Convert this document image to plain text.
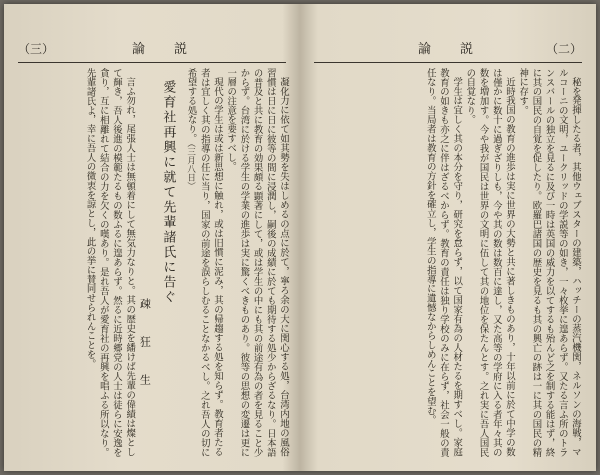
（三）	論　説

凝化力に依て如其勢を失はしめるの点に於て，寧ろ余の大に関心する処，台湾内地の風俗習慣は日に日に彼等の間に浸潤し，嗣後の成績に於ても期待する処少からざるなり。日本語の普及と共に教育の効果頗る顕著にして，或は学生の中にも其の前途有為の者を見ること少からず。台湾に於ける学生の学業の進歩は実に驚くべきものあり。彼等の思想の変遷は更に一層の注意を要すべし。

現代の学生は或は新思想に触れ，或は旧慣に泥み，其の帰趨する処を知らず。教育者たる者は宜しく其の指導の任に当り，国家の前途を誤らしむることなかるべし。之れ吾人の切に希望する処なり。（三月八日）

愛育社再興に就て先輩諸氏に告ぐ
疎　狂　生

言ふ勿れ，尾張人士は無頓着にして無気力なりと。其の歴史を繙けば先輩の偉績は燦として輝き，吾人後進の模範たるもの数ふるに遑あらず。然るに近時郷党の人士は徒らに安逸を貪り，互に相離れて結合の力を欠くの嘆あり。是れ吾人が愛育社の再興を唱ふる所以なり。先輩諸氏よ，幸に吾人の微衷を諒とし，此の挙に賛同せられんことを。

論　説	（二）

秘を発揮したる者，其他ウェブスターの建築，ハッチーの蒸汽機関，ネルソンの海戦，マルコーニの文明，ユークリッドの学説等の如き，一々枚挙に遑あらず。又たる言ふ所のトランスバールの独立を見るに及び一時は英国の威力を以てするも殆んど之を制する能はず，終に其の国民の自覚を促したり。欧羅巴諸国の歴史を見るも其の興亡の跡は一に其の国民の精神に存す。

近時我国の教育の進歩は実に世界の大勢と共に著しきものあり，十年以前に於て中学の数は僅かに数十に過ぎざりしも，今や其の数は数百に達し，又た高等の学府に入る者年々其の数を増加す。今や我が国民は世界の文明に伍して其の地位を保たんとす。之れ実に吾人国民の自覚なり。

学生は宜しく其の本分を守り，研究を怠らず，以て国家有為の人材たるを期すべし。家庭教育の如きも亦之に伴はざるべからず。教育の責任は独り学校のみに在らず，社会一般の責任なり。当局者は教育の方針を確立し，学生の指導に遺憾なからしめんことを望む。
